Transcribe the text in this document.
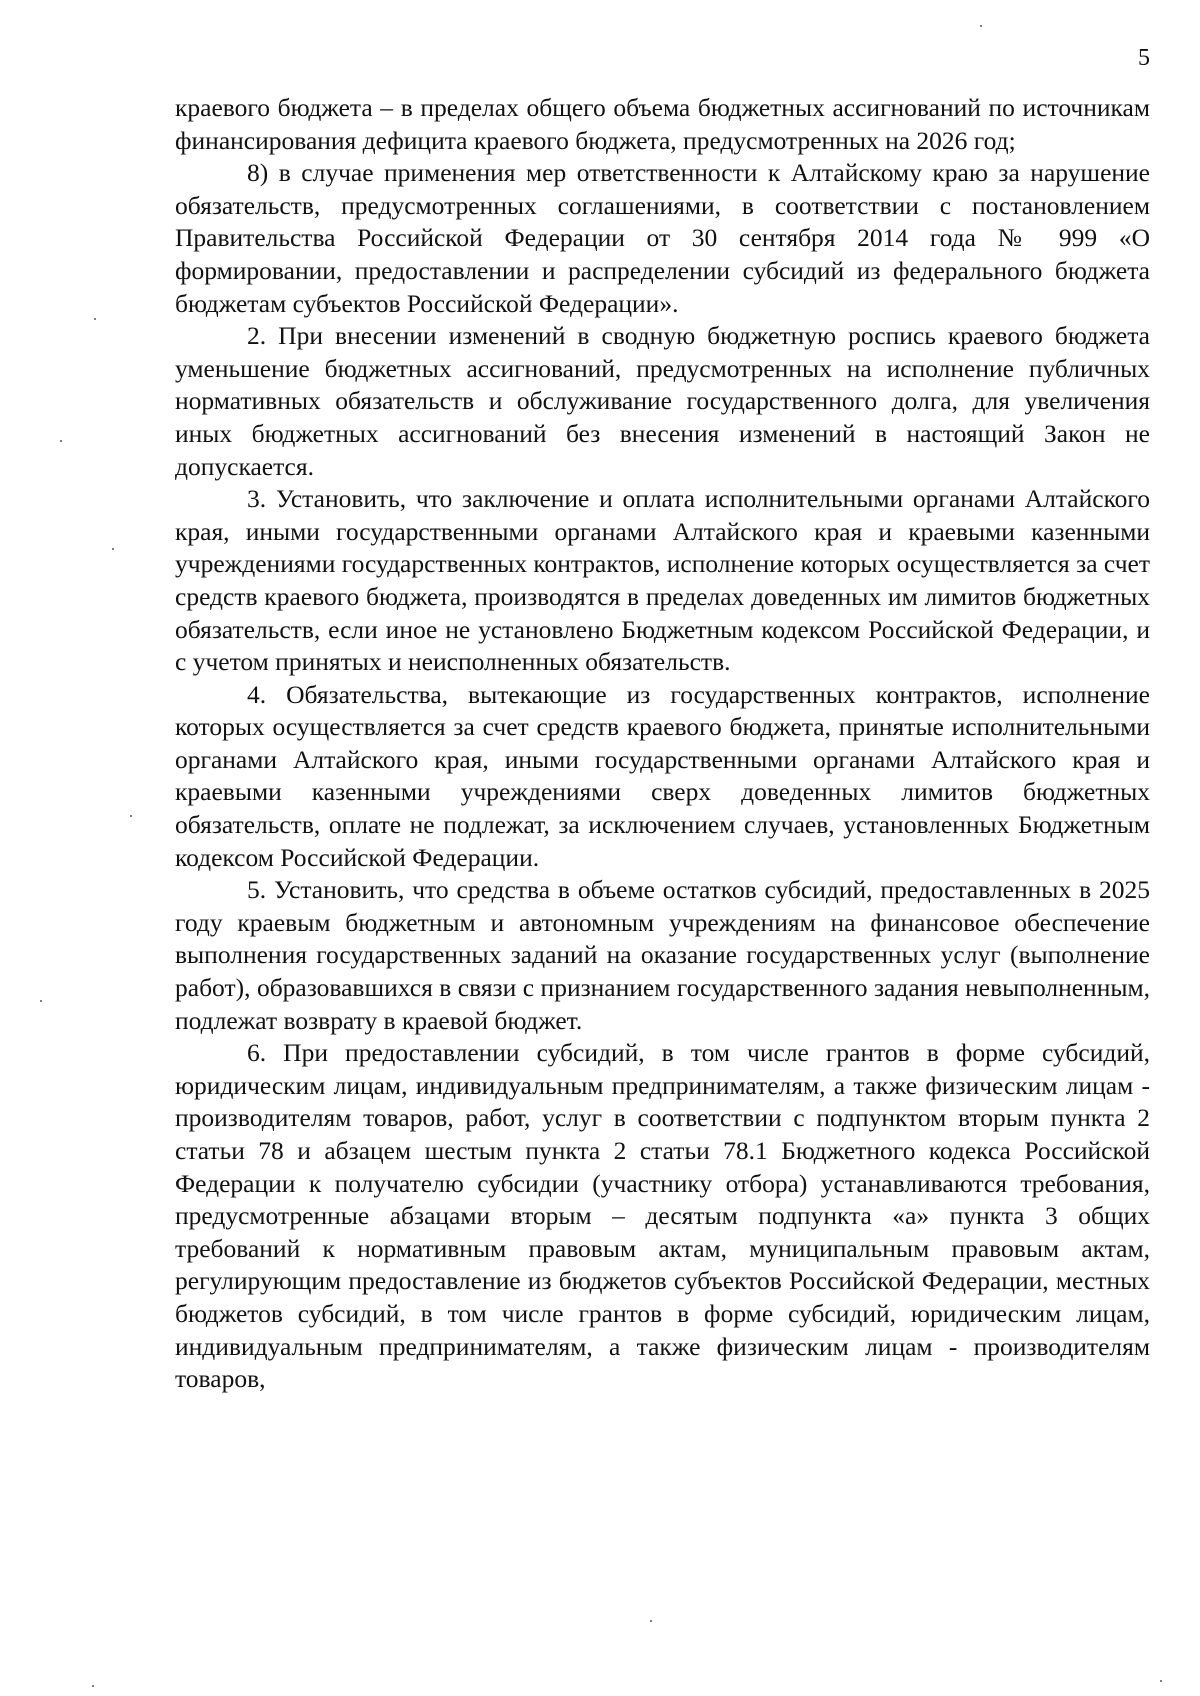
5

краевого бюджета – в пределах общего объема бюджетных ассигнований по источникам финансирования дефицита краевого бюджета, предусмотренных на 2026 год;

8) в случае применения мер ответственности к Алтайскому краю за нарушение обязательств, предусмотренных соглашениями, в соответствии с постановлением Правительства Российской Федерации от 30 сентября 2014 года № 999 «О формировании, предоставлении и распределении субсидий из федерального бюджета бюджетам субъектов Российской Федерации».

2. При внесении изменений в сводную бюджетную роспись краевого бюджета уменьшение бюджетных ассигнований, предусмотренных на исполнение публичных нормативных обязательств и обслуживание государственного долга, для увеличения иных бюджетных ассигнований без внесения изменений в настоящий Закон не допускается.

3. Установить, что заключение и оплата исполнительными органами Алтайского края, иными государственными органами Алтайского края и краевыми казенными учреждениями государственных контрактов, исполнение которых осуществляется за счет средств краевого бюджета, производятся в пределах доведенных им лимитов бюджетных обязательств, если иное не установлено Бюджетным кодексом Российской Федерации, и с учетом принятых и неисполненных обязательств.

4. Обязательства, вытекающие из государственных контрактов, исполнение которых осуществляется за счет средств краевого бюджета, принятые исполнительными органами Алтайского края, иными государственными органами Алтайского края и краевыми казенными учреждениями сверх доведенных лимитов бюджетных обязательств, оплате не подлежат, за исключением случаев, установленных Бюджетным кодексом Российской Федерации.

5. Установить, что средства в объеме остатков субсидий, предоставленных в 2025 году краевым бюджетным и автономным учреждениям на финансовое обеспечение выполнения государственных заданий на оказание государственных услуг (выполнение работ), образовавшихся в связи с признанием государственного задания невыполненным, подлежат возврату в краевой бюджет.

6. При предоставлении субсидий, в том числе грантов в форме субсидий, юридическим лицам, индивидуальным предпринимателям, а также физическим лицам - производителям товаров, работ, услуг в соответствии с подпунктом вторым пункта 2 статьи 78 и абзацем шестым пункта 2 статьи 78.1 Бюджетного кодекса Российской Федерации к получателю субсидии (участнику отбора) устанавливаются требования, предусмотренные абзацами вторым – десятым подпункта «а» пункта 3 общих требований к нормативным правовым актам, муниципальным правовым актам, регулирующим предоставление из бюджетов субъектов Российской Федерации, местных бюджетов субсидий, в том числе грантов в форме субсидий, юридическим лицам, индивидуальным предпринимателям, а также физическим лицам - производителям товаров,
